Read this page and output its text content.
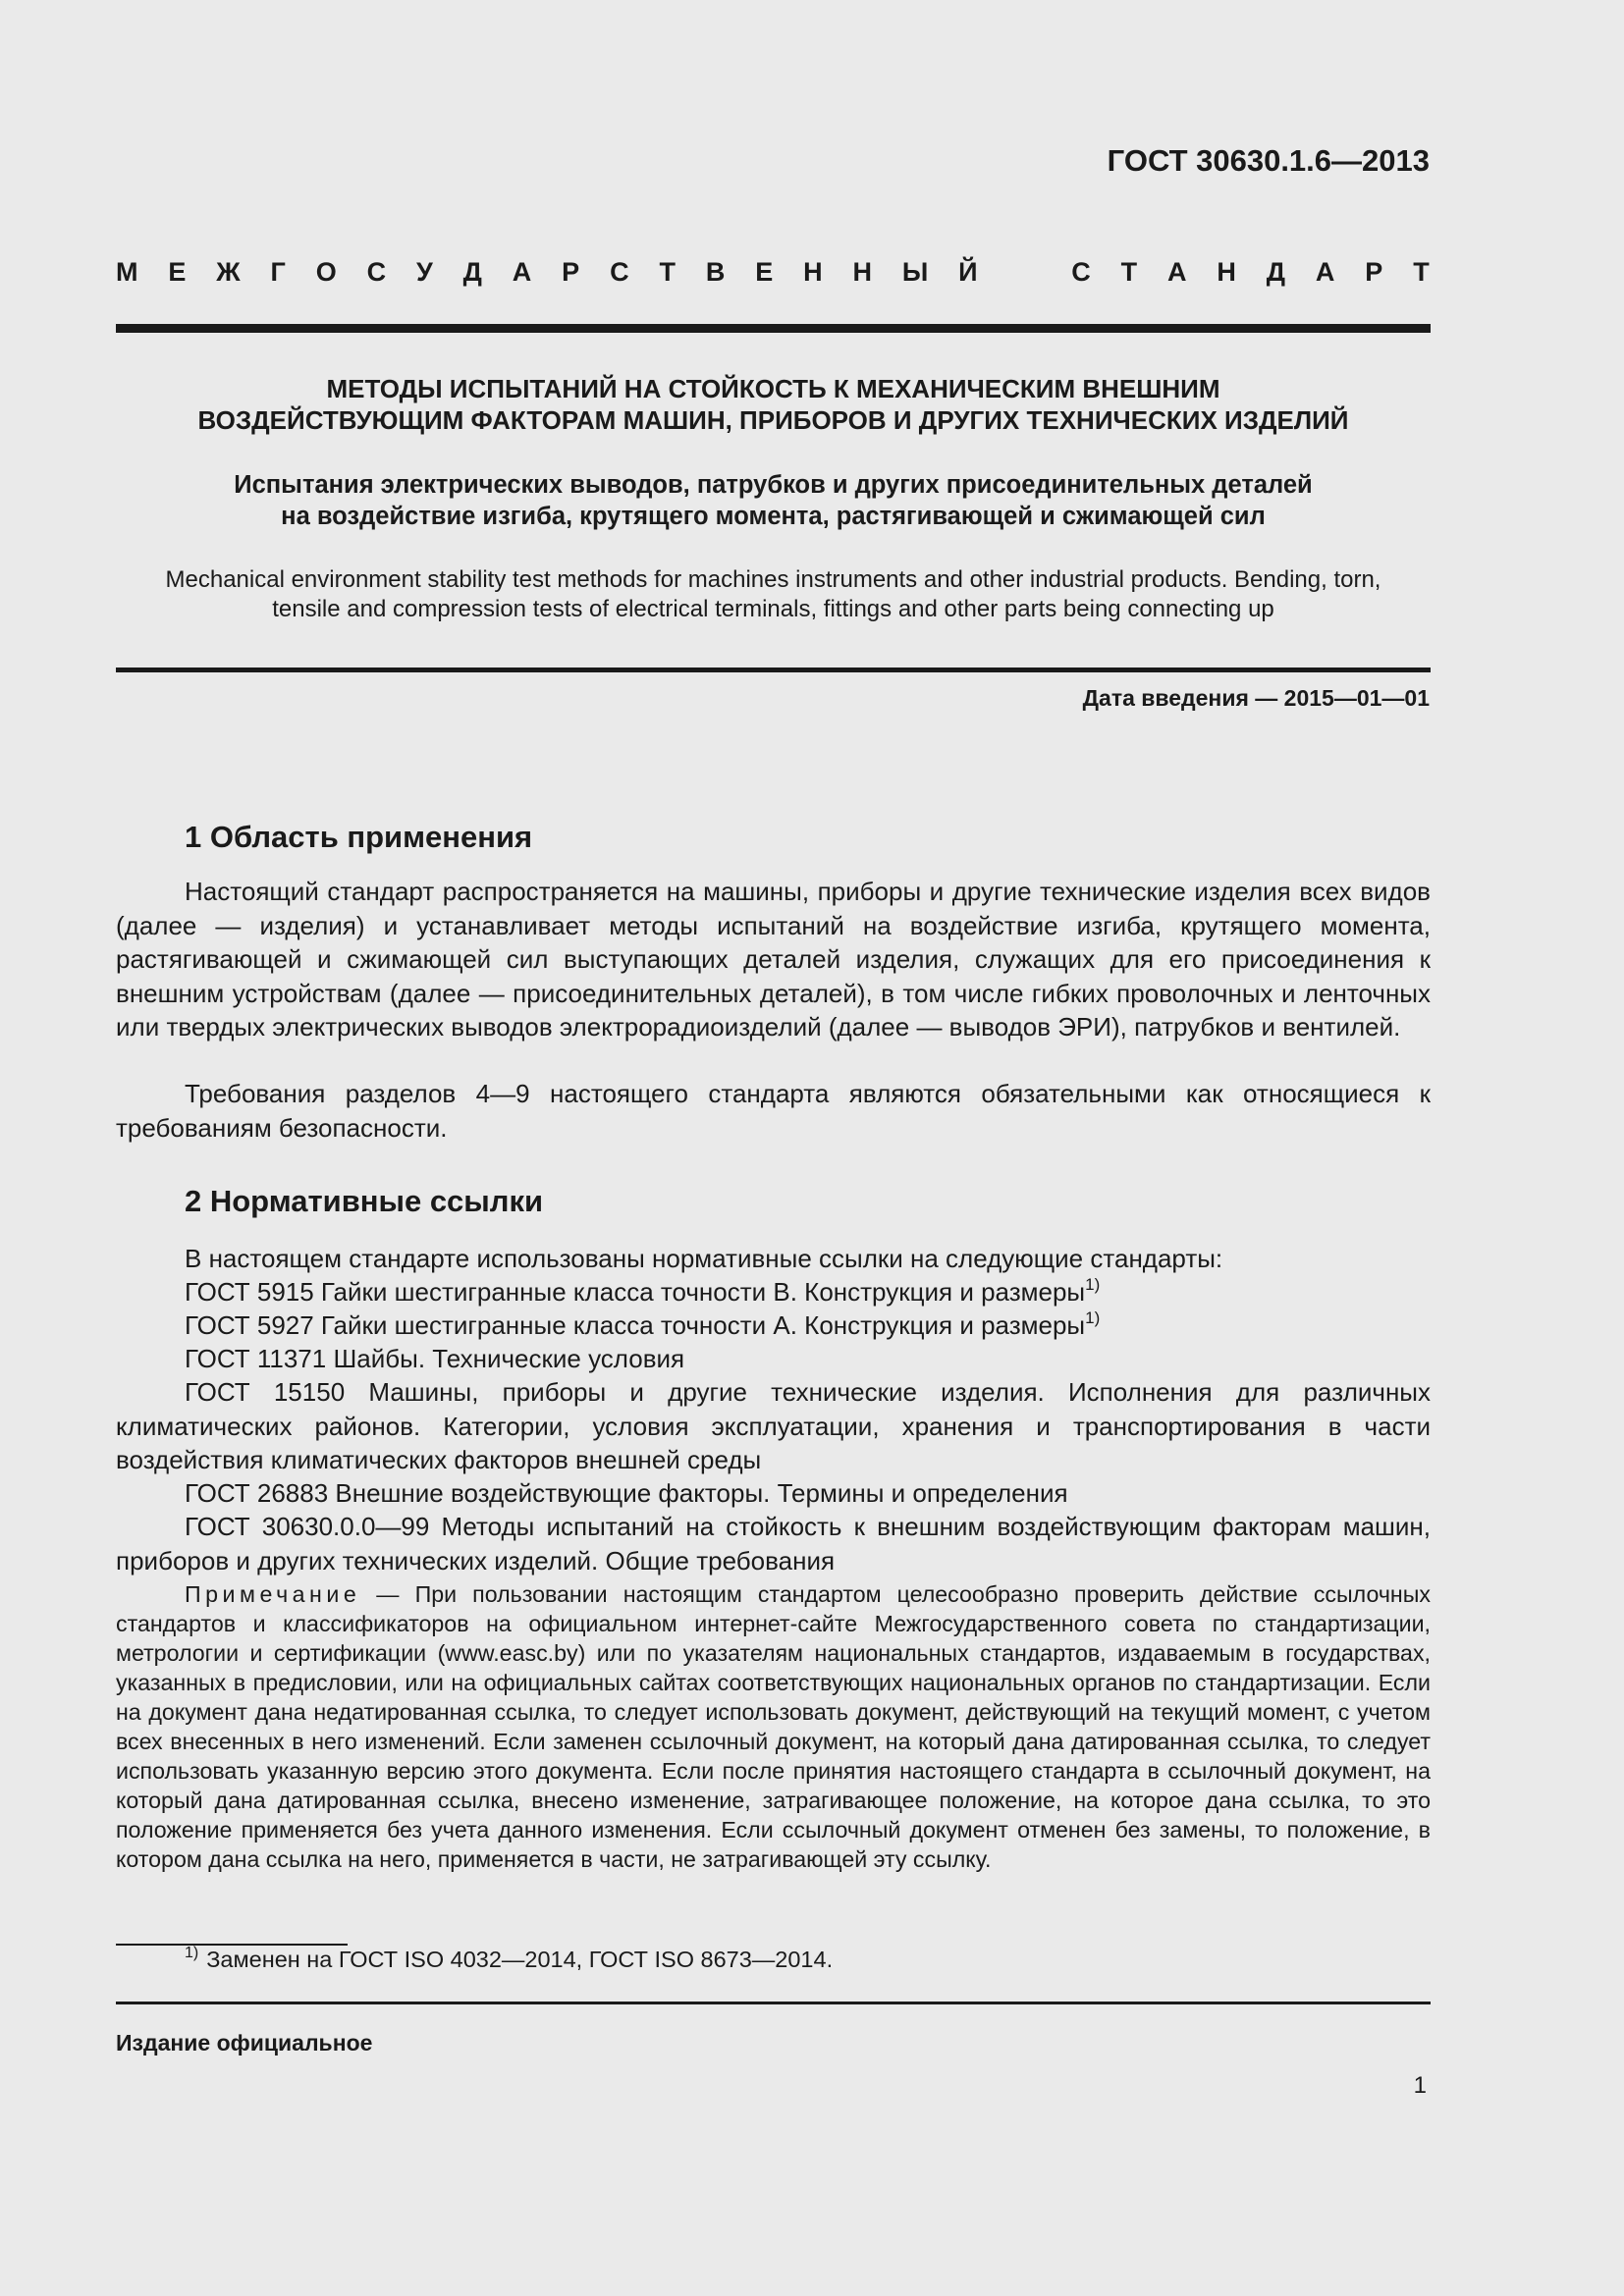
ГОСТ 30630.1.6—2013
М Е Ж Г О С У Д А Р С Т В Е Н Н Ы Й	С Т А Н Д А Р Т
МЕТОДЫ ИСПЫТАНИЙ НА СТОЙКОСТЬ К МЕХАНИЧЕСКИМ ВНЕШНИМ
ВОЗДЕЙСТВУЮЩИМ ФАКТОРАМ МАШИН, ПРИБОРОВ И ДРУГИХ ТЕХНИЧЕСКИХ ИЗДЕЛИЙ
Испытания электрических выводов, патрубков и других присоединительных деталей
на воздействие изгиба, крутящего момента, растягивающей и сжимающей сил
Mechanical environment stability test methods for machines instruments and other industrial products. Bending, torn,
tensile and compression tests of electrical terminals, fittings and other parts being connecting up
Дата введения — 2015—01—01
1 Область применения
Настоящий стандарт распространяется на машины, приборы и другие технические изделия всех видов (далее — изделия) и устанавливает методы испытаний на воздействие изгиба, крутящего момента, растягивающей и сжимающей сил выступающих деталей изделия, служащих для его присоединения к внешним устройствам (далее — присоединительных деталей), в том числе гибких проволочных и ленточных или твердых электрических выводов электрорадиоизделий (далее — выводов ЭРИ), патрубков и вентилей.
Требования разделов 4—9 настоящего стандарта являются обязательными как относящиеся к требованиям безопасности.
2 Нормативные ссылки
В настоящем стандарте использованы нормативные ссылки на следующие стандарты:
ГОСТ 5915 Гайки шестигранные класса точности В. Конструкция и размеры$^{1)}$
ГОСТ 5927 Гайки шестигранные класса точности А. Конструкция и размеры$^{1)}$
ГОСТ 11371 Шайбы. Технические условия
ГОСТ 15150 Машины, приборы и другие технические изделия. Исполнения для различных климатических районов. Категории, условия эксплуатации, хранения и транспортирования в части воздействия климатических факторов внешней среды
ГОСТ 26883 Внешние воздействующие факторы. Термины и определения
ГОСТ 30630.0.0—99 Методы испытаний на стойкость к внешним воздействующим факторам машин, приборов и других технических изделий. Общие требования
Примечание — При пользовании настоящим стандартом целесообразно проверить действие ссылочных стандартов и классификаторов на официальном интернет-сайте Межгосударственного совета по стандартизации, метрологии и сертификации (www.easc.by) или по указателям национальных стандартов, издаваемым в государствах, указанных в предисловии, или на официальных сайтах соответствующих национальных органов по стандартизации. Если на документ дана недатированная ссылка, то следует использовать документ, действующий на текущий момент, с учетом всех внесенных в него изменений. Если заменен ссылочный документ, на который дана датированная ссылка, то следует использовать указанную версию этого документа. Если после принятия настоящего стандарта в ссылочный документ, на который дана датированная ссылка, внесено изменение, затрагивающее положение, на которое дана ссылка, то это положение применяется без учета данного изменения. Если ссылочный документ отменен без замены, то положение, в котором дана ссылка на него, применяется в части, не затрагивающей эту ссылку.
$^{1)}$ Заменен на ГОСТ ISO 4032—2014, ГОСТ ISO 8673—2014.
Издание официальное
1
